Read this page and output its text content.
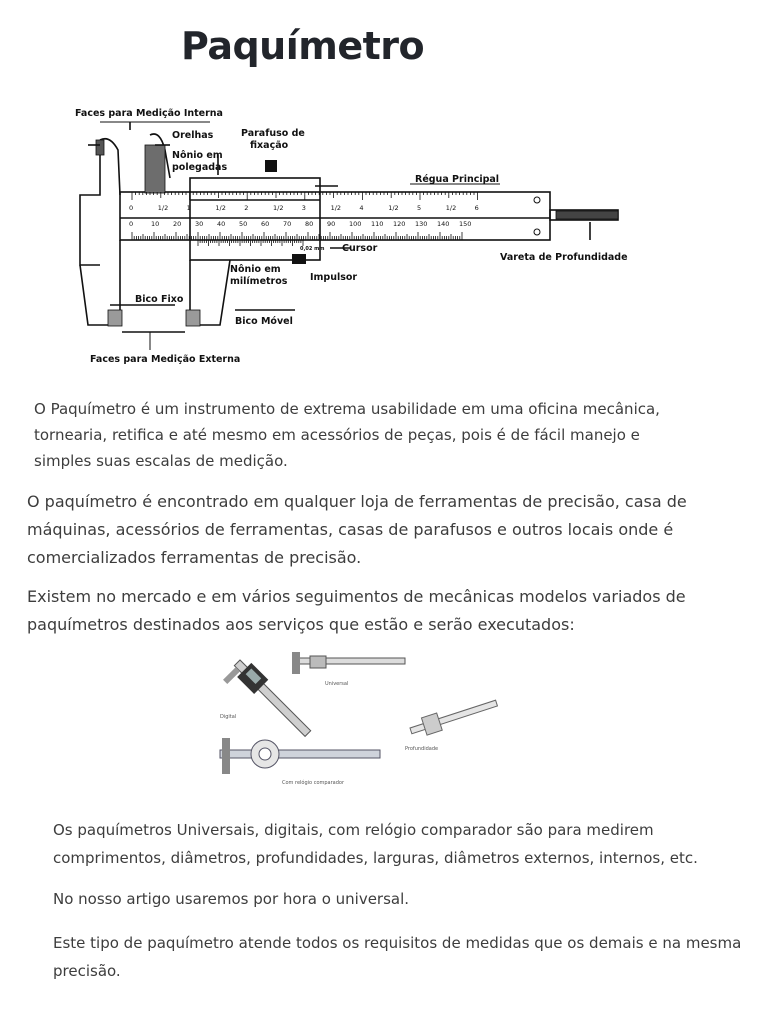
Paquímetro
0	10 20 30 40 50 60 70 80 90 100 110 120 130 140 150
0	1/2	1	1/2	2	1/2	3	1/2	4	1/2	5	1/2	6
Faces para Medição Interna
Orelhas	Parafuso de
fixação
Nônio em
polegadas
Régua Principal
Cursor
Vareta de Profundidade
Nônio em
milímetros Impulsor
Bico Fixo
Bico Móvel
Faces para Medição Externa
0,02 mm

O Paquímetro é um instrumento de extrema usabilidade em uma oficina mecânica, tornearia, retifica e até mesmo em acessórios de peças, pois é de fácil manejo e simples suas escalas de medição.

O paquímetro é encontrado em qualquer loja de ferramentas de precisão, casa de máquinas, acessórios de ferramentas, casas de parafusos e outros locais onde é comercializados ferramentas de precisão.

Existem no mercado e em vários seguimentos de mecânicas modelos variados de paquímetros destinados aos serviços que estão e serão executados:

Digital
Universal
Profundidade
Com relógio comparador

Os paquímetros Universais, digitais, com relógio comparador são para medirem comprimentos, diâmetros, profundidades, larguras, diâmetros externos, internos, etc.

No nosso artigo usaremos por hora o universal.

Este tipo de paquímetro atende todos os requisitos de medidas que os demais e na mesma precisão.
